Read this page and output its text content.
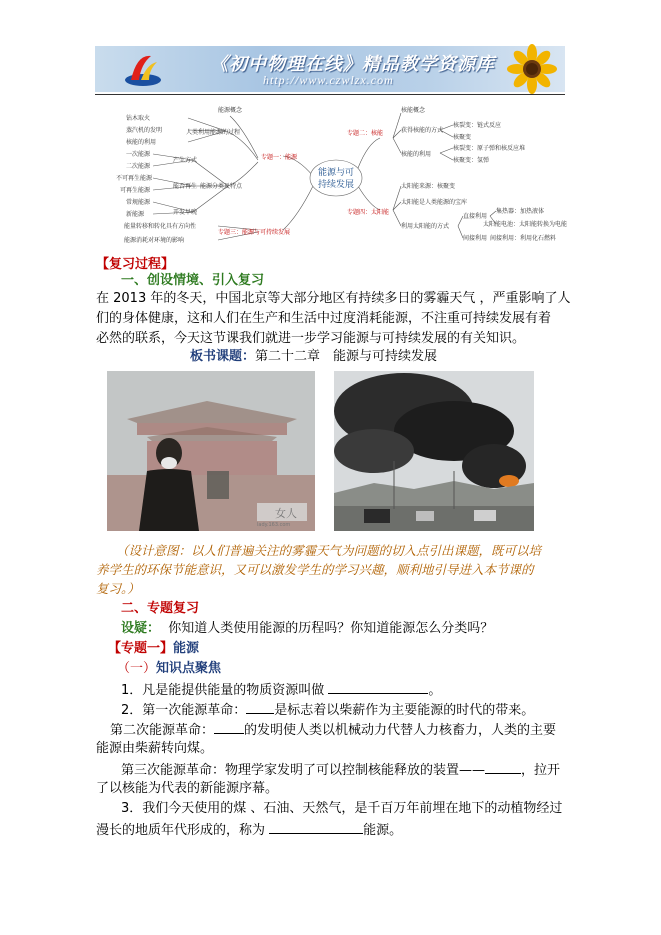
《初中物理在线》精品教学资源库
http://www.czwlzx.com
能源与可
持续发展
专题一：能源
专题二：核能
专题三：能源与可持续发展
专题四：太阳能
钻木取火
蒸汽机的发明
核能的利用
能源概念
人类利用能源的过程
一次能源
二次能源
产生方式
不可再生能源
可再生能源
能否再生 能源分类及特点
常规能源
新能源	开发早晚
能量转移和转化具有方向性
能源消耗对环境的影响
核能概念
获得核能的方式
核能的利用
核裂变：链式反应
核聚变
核裂变：原子弹和核反应堆
核聚变：氢弹
太阳能来源：核聚变
太阳能是人类能源的宝库
利用太阳能的方式
直接利用
间接利用
集热器：加热液体
太阳能电池：太阳能转换为电能
间接利用：利用化石燃料
【复习过程】
一、创设情境、引入复习
在 2013 年的冬天，中国北京等大部分地区有持续多日的雾霾天气 ，严重影响了人
们的身体健康，这和人们在生产和生活中过度消耗能源，不注重可持续发展有着
必然的联系，今天这节课我们就进一步学习能源与可持续发展的有关知识。
板书课题：第二十二章　能源与可持续发展
女人
lady.163.com
（设计意图：以人们普遍关注的雾霾天气为问题的切入点引出课题，既可以培
养学生的环保节能意识，又可以激发学生的学习兴趣，顺利地引导进入本节课的
复习。）
二、专题复习
设疑： 你知道人类使用能源的历程吗？你知道能源怎么分类吗？
【专题一】能源
（一）知识点聚焦
1．凡是能提供能量的物质资源叫做	。
2．第一次能源革命： 是标志着以柴薪作为主要能源的时代的带来。
第二次能源革命： 的发明使人类以机械动力代替人力核畜力，人类的主要
能源由柴薪转向煤。
第三次能源革命：物理学家发明了可以控制核能释放的装置——	，拉开
了以核能为代表的新能源序幕。
3．我们今天使用的煤 、石油、天然气，是千百万年前埋在地下的动植物经过
漫长的地质年代形成的，称为	能源。
